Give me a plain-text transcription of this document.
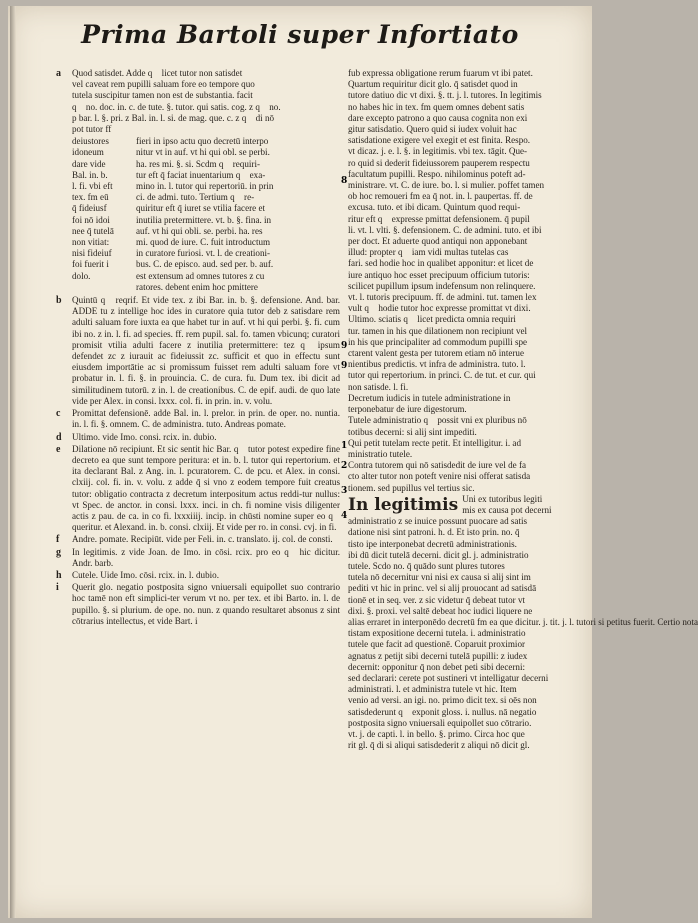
Prima Bartoli super Infortiato
a Quod satisdet. Adde q᷑ licet tutor non satisdet
vel caveat rem pupilli saluam fore eo tempore quo
tutela suscipitur tamen non est de substantia. facit
q᷑ no. doc. in. c. de tute. §. tutor. qui satis. cog. z q᷑ no.
p bar. l. §. pri. z Bal. in. l. si. de mag. que. c. z q᷑ di nō
pot tutor ff
deiustores
idoneum
dare vide
Bal. in. b.
l. fi. vbi eft
tex. fm eū
q̄ fideiusf
foi nō idoi
nee q̄ tutelā
non vitiat:
nisi fideiuf
foi fuerit i
dolo.
fieri in ipso actu quo decretū interpo
nitur vt in auf. vt hi qui obl. se perbi.
ha. res mi. §. si. Scdm q᷑ requiri-
tur eft q̄ faciat inuentarium q᷑ exa-
mino in. l. tutor qui repertoriū. in prin
ci. de admi. tuto. Tertium q᷑ re-
quiritur eft q̄ iuret se vtilia facere et
inutilia pretermittere. vt. b. §. fina. in
auf. vt hi qui obli. se. perbi. ha. res
mi. quod de iure. C. fuit introductum
in curatore furiosi. vt. l. de creationi-
bus. C. de episco. aud. sed per. b. auf.
est extensum ad omnes tutores z cu
ratores. debent enim hoc pmittere
b Quintū q᷑ reqrif. Et vide tex. z ibi Bar. in. b. §. defensione. And. bar. ADDE tu z intellige hoc ides in curatore quia tutor deb z satisdare rem adulti saluam fore iuxta ea que habet tur in auf. vt hi qui perbi. §. fi. cum ibi no. z in. l. fi. ad species. ff. rem pupil. sal. fo. tamen vbicunq; curatori promisit vtilia adulti facere z inutilia pretermittere: tez q᷑ ipsum defendet zc z iurauit ac fideiussit zc. sufficit et quo in effectu sunt eiusdem importātie ac si promissum fuisset rem adulti saluam fore vt probatur in. l. fi. §. in prouincia. C. de cura. fu. Dum tex. ibi dicit ad similitudinem tutorū. z in. l. de creationibus. C. de epif. audi. de quo late vide per Alex. in consi. lxxx. col. fi. in prin. in. v. volu.
c Promittat defensionē. adde Bal. in. l. prelor. in prin. de oper. no. nuntia. in. l. fi. §. omnem. C. de administra. tuto. Andreas pomate.
d Ultimo. vide Imo. consi. rcix. in. dubio.
e Dilatione nō recipiunt. Et sic sentit hic Bar. q᷑ tutor potest expedire fine decreto ea que sunt tempore peritura: et in. b. l. tutor qui repertorium. et ita declarant Bal. z Ang. in. l. pcuratorem. C. de pcu. et Alex. in consi. clxiij. col. fi. in. v. volu. z adde q̄ si vno z eodem tempore fuit creatus tutor: obligatio contracta z decretum interpositum actus reddi-tur nullus: vt Spec. de anctor. in consi. lxxx. inci. in ch. fi nomine visis diligenter actis z pau. de ca. in co fi. lxxxiiij. incip. in chūsti nomine super eo q᷑ queritur. et Alexand. in. b. consi. clxiij. Et vide per ro. in consi. cvj. in fi.
f Andre. pomate. Recipiūt. vide per Feli. in. c. translato. ij. col. de consti.
g In legitimis. z vide Joan. de Imo. in cōsi. rcix. pro eo q᷑ hic dicitur. Andr. barb.
h Cutele. Uide Imo. cōsi. rcix. in. l. dubio.
i Querit glo. negatio postposita signo vniuersali equipollet suo contrario hoc tamē non eft simplici-ter verum vt no. per tex. et ibi Barto. in. l. de pupillo. §. si plurium. de ope. no. nun. z quando resultaret absonus z sint cōtrarius intellectus, et vide Bart. i
fub expressa obligatione rerum fuarum vt ibi patet.
Quartum requiritur dicit glo. q̄ satisdet quod in
tutore datiuo dic vt dixi. §. tt. j. l. tutores. In legitimis
no habes hic in tex. fm quem omnes debent satis
dare excepto patrono a quo causa cognita non exi
gitur satisdatio. Quero quid si iudex voluit hac
satisdatione exigere vel exegit et est finita. Respo.
vt dicaz. j. e. l. §. in legitimis. vbi tex. tāgit. Que-
ro quid si dederit fideiussorem pauperem respectu
facultatum pupilli. Respo. nihilominus poteft ad-
ministrare. vt. C. de iure. bo. l. si mulier. poffet tamen
ob hoc remoueri fm ea q̄ not. in. l. paupertas. ff. de
excusa. tuto. et ibi dicam. Quintum quod requi-
ritur eft q᷑ expresse pmittat defensionem. q̄ pupil
li. vt. l. vlti. §. defensionem. C. de admini. tuto. et ibi
per doct. Et aduerte quod antiqui non apponebant
illud: propter q᷑ iam vidi multas tutelas cas
fari. sed hodie hoc in qualibet apponitur: et licet de
iure antiquo hoc esset precipuum officium tutoris:
scilicet pupillum ipsum indefensum non relinquere.
vt. l. tutoris precipuum. ff. de admini. tut. tamen lex
vult q᷑ hodie tutor hoc expresse promittat vt dixi.
Ultimo. sciatis q᷑ licet predicta omnia requiri
tur. tamen in his que dilationem non recipiunt vel
in his que principaliter ad commodum pupilli spe
ctarent valent gesta per tutorem etiam nō interue
nientibus predictis. vt infra de administra. tuto. l.
tutor qui repertorium. in princi. C. de tut. et cur. qui
non satisde. l. fi.
Decretum iudicis in tutele administratione in
terponebatur de iure digestorum.
Tutele administratio q᷑ possit vni ex pluribus nō
totibus decerni: si alij sint impediti.
Qui petit tutelam recte petit. Et intelligitur. i. ad
ministratio tutele.
Contra tutorem qui nō satisdedit de iure vel de fa
cto alter tutor non poteft venire nisi offerat satisda
tionem. sed pupillus vel tertius sic.
In legitimis Uni ex tutoribus legiti
mis ex causa pot decerni
administratio z se inuice possunt puocare ad satis
datione nisi sint patroni. h. d. Et isto prin. no. q̄
tisto ipe interponebat decretū administrationis.
ibi dū dicit tutelā decerni. dicit gl. j. administratio
tutele. Scdo no. q̄ quādo sunt plures tutores
tutela nō decernitur vni nisi ex causa si alij sint im
pediti vt hic in princ. vel si alij prouocant ad satisdā
tionē et in seq. ver. z sic videtur q̄ debeat tutor vt
dixi. §. proxi. vel saltē debeat hoc iudici liquere ne
alias erraret in interponēdo decretū fm ea que dicitur. j. tit. j. l. tutori si petitus fuerit. Certio nota
tistam expositione decerni tutela. i. administratio
tutele que facit ad questionē. Coparuit proximior
agnatus z petijt sibi decerni tutelā pupilli: z iudex
decernit: opponitur q̄ non debet peti sibi decerni:
sed declarari: cerete pot sustineri vt intelligatur decerni
administrati. l. et administra tutele vt hic. Item
venio ad versi. an igi. no. primo dicit tex. si oēs non
satisdederunt q᷑ exponit gloss. i. nullus. nā negatio
postposita signo vniuersali equipollet suo cōtrario.
vt. j. de capti. l. in bello. §. primo. Circa hoc que
rit gl. q̄ di si aliqui satisdederit z aliqui nō dicit gl.
8
9
9
1
2
3
4
